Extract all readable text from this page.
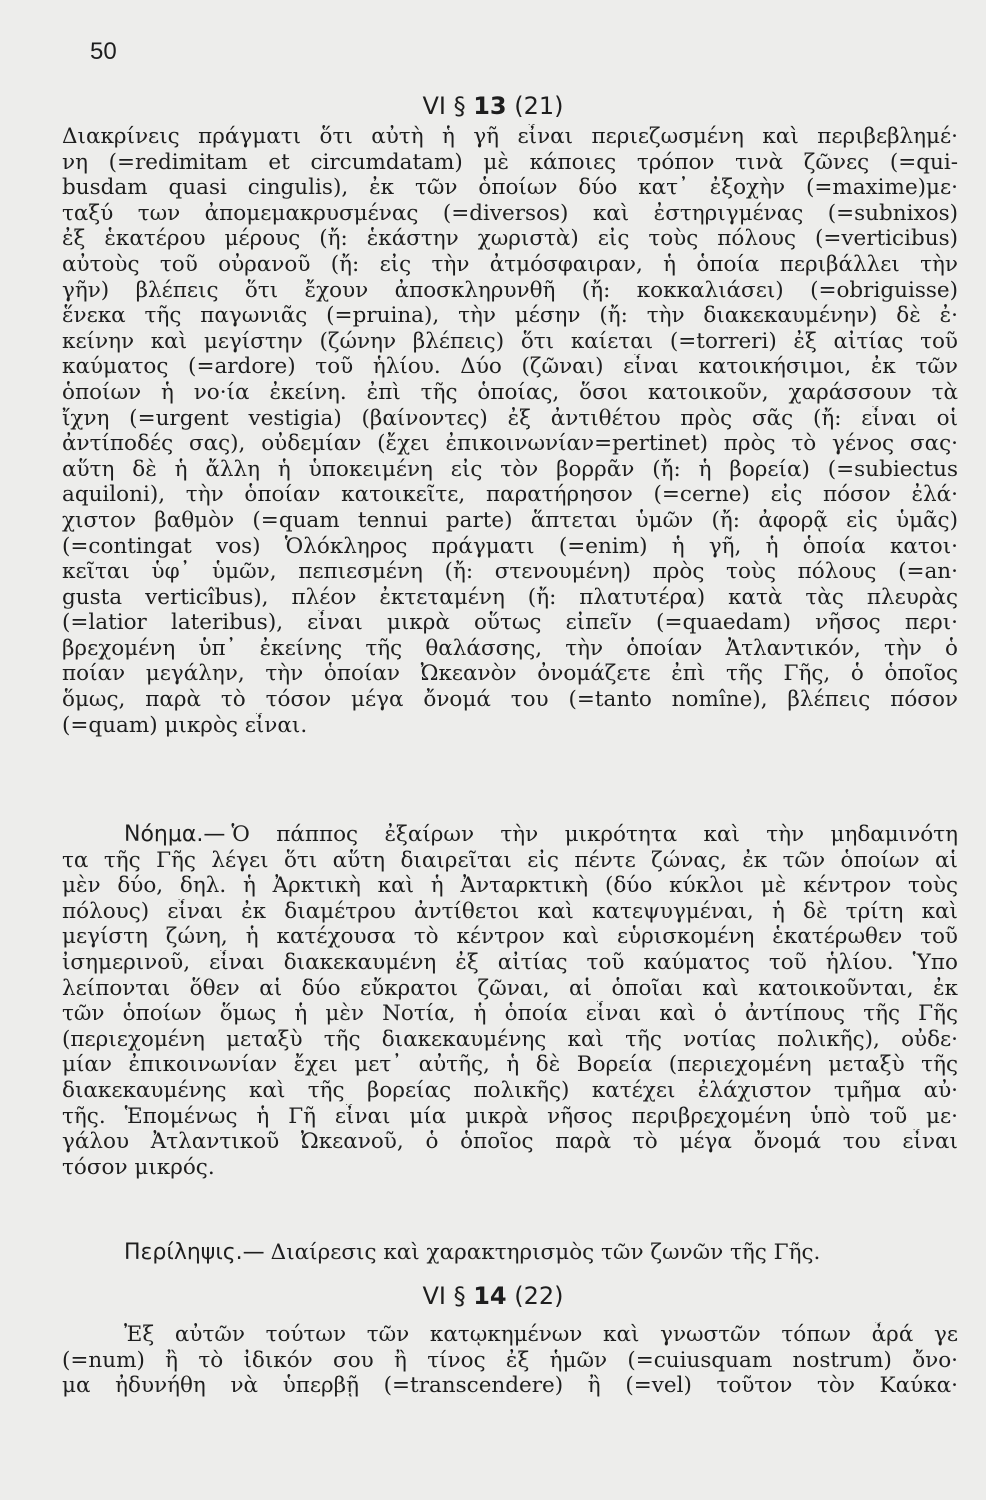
50
VI § 13 (21)
Διακρίνεις πράγματι ὅτι αὐτὴ ἡ γῆ εἶναι περιεζωσμένη καὶ περιβεβλημέ·
νη (=redimitam et circumdatam) μὲ κάποιες τρόπον τινὰ ζῶνες (=qui-
busdam quasi cingulis), ἐκ τῶν ὁποίων δύο κατ᾽ ἐξοχὴν (=maxime)με·
ταξύ των ἀπομεμακρυσμένας (=diversos) καὶ ἐστηριγμένας (=subnixos)
ἐξ ἑκατέρου μέρους (ἤ: ἑκάστην χωριστὰ) εἰς τοὺς πόλους (=verticibus)
αὐτοὺς τοῦ οὐρανοῦ (ἤ: εἰς τὴν ἀτμόσφαιραν, ἡ ὁποία περιβάλλει τὴν
γῆν) βλέπεις ὅτι ἔχουν ἀποσκληρυνθῆ (ἤ: κοκκαλιάσει) (=obriguisse)
ἕνεκα τῆς παγωνιᾶς (=pruina), τὴν μέσην (ἤ: τὴν διακεκαυμένην) δὲ ἐ·
κείνην καὶ μεγίστην (ζώνην βλέπεις) ὅτι καίεται (=torreri) ἐξ αἰτίας τοῦ
καύματος (=ardore) τοῦ ἡλίου. Δύο (ζῶναι) εἶναι κατοικήσιμοι, ἐκ τῶν
ὁποίων ἡ νο·ία ἐκείνη. ἐπὶ τῆς ὁποίας, ὅσοι κατοικοῦν, χαράσσουν τὰ
ἴχνη (=urgent vestigia) (βαίνοντες) ἐξ ἀντιθέτου πρὸς σᾶς (ἤ: εἶναι οἱ
ἀντίποδές σας), οὐδεμίαν (ἔχει ἐπικοινωνίαν=pertinet) πρὸς τὸ γένος σας·
αὕτη δὲ ἡ ἄλλη ἡ ὑποκειμένη εἰς τὸν βορρᾶν (ἤ: ἡ βορεία) (=subiectus
aquiloni), τὴν ὁποίαν κατοικεῖτε, παρατήρησον (=cerne) εἰς πόσον ἐλά·
χιστον βαθμὸν (=quam tennui parte) ἅπτεται ὑμῶν (ἤ: ἀφορᾷ εἰς ὑμᾶς)
(=contingat vos) Ὁλόκληρος πράγματι (=enim) ἡ γῆ, ἡ ὁποία κατοι·
κεῖται ὑφ᾽ ὑμῶν, πεπιεσμένη (ἤ: στενουμένη) πρὸς τοὺς πόλους (=an·
gusta verticîbus), πλέον ἐκτεταμένη (ἤ: πλατυτέρα) κατὰ τὰς πλευρὰς
(=latior lateribus), εἶναι μικρὰ οὕτως εἰπεῖν (=quaedam) νῆσος περι·
βρεχομένη ὑπ᾽ ἐκείνης τῆς θαλάσσης, τὴν ὁποίαν Ἀτλαντικόν, τὴν ὁ
ποίαν μεγάλην, τὴν ὁποίαν Ὠκεανὸν ὀνομάζετε ἐπὶ τῆς Γῆς, ὁ ὁποῖος
ὅμως, παρὰ τὸ τόσον μέγα ὄνομά του (=tanto nomîne), βλέπεις πόσον
(=quam) μικρὸς εἶναι.
Νόημα.— Ὁ πάππος ἐξαίρων τὴν μικρότητα καὶ τὴν μηδαμινότη
τα τῆς Γῆς λέγει ὅτι αὕτη διαιρεῖται εἰς πέντε ζώνας, ἐκ τῶν ὁποίων αἱ
μὲν δύο, δηλ. ἡ Ἀρκτικὴ καὶ ἡ Ἀνταρκτικὴ (δύο κύκλοι μὲ κέντρον τοὺς
πόλους) εἶναι ἐκ διαμέτρου ἀντίθετοι καὶ κατεψυγμέναι, ἡ δὲ τρίτη καὶ
μεγίστη ζώνη, ἡ κατέχουσα τὸ κέντρον καὶ εὑρισκομένη ἑκατέρωθεν τοῦ
ἰσημερινοῦ, εἶναι διακεκαυμένη ἐξ αἰτίας τοῦ καύματος τοῦ ἡλίου. Ὑπο
λείπονται ὅθεν αἱ δύο εὔκρατοι ζῶναι, αἱ ὁποῖαι καὶ κατοικοῦνται, ἐκ
τῶν ὁποίων ὅμως ἡ μὲν Νοτία, ἡ ὁποία εἶναι καὶ ὁ ἀντίπους τῆς Γῆς
(περιεχομένη μεταξὺ τῆς διακεκαυμένης καὶ τῆς νοτίας πολικῆς), οὐδε·
μίαν ἐπικοινωνίαν ἔχει μετ᾽ αὐτῆς, ἡ δὲ Βορεία (περιεχομένη μεταξὺ τῆς
διακεκαυμένης καὶ τῆς βορείας πολικῆς) κατέχει ἐλάχιστον τμῆμα αὐ·
τῆς. Ἑπομένως ἡ Γῆ εἶναι μία μικρὰ νῆσος περιβρεχομένη ὑπὸ τοῦ με·
γάλου Ἀτλαντικοῦ Ὠκεανοῦ, ὁ ὁποῖος παρὰ τὸ μέγα ὄνομά του εἶναι
τόσον μικρός.
Περίληψις.— Διαίρεσις καὶ χαρακτηρισμὸς τῶν ζωνῶν τῆς Γῆς.
VI § 14 (22)
Ἐξ αὐτῶν τούτων τῶν κατῳκημένων καὶ γνωστῶν τόπων ἆρά γε
(=num) ἢ τὸ ἰδικόν σου ἢ τίνος ἐξ ἡμῶν (=cuiusquam nostrum) ὄνο·
μα ἠδυνήθη νὰ ὑπερβῇ (=transcendere) ἢ (=vel) τοῦτον τὸν Καύκα·
